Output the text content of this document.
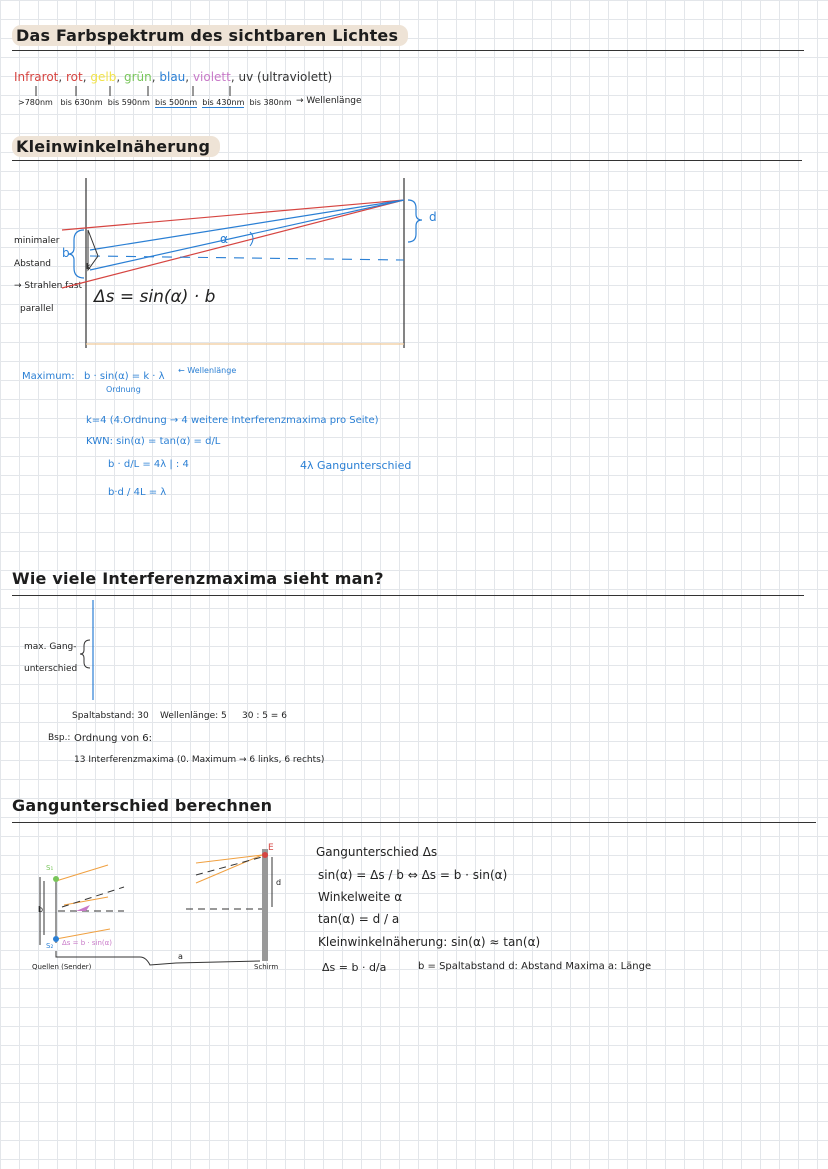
Das Farbspektrum des sichtbaren Lichtes
Infrarot, rot, gelb, grün, blau, violett, uv (ultraviolett)
>780nm bis 630nm bis 590nm bis 500nm bis 430nm bis 380nm → Wellenlänge
Kleinwinkelnäherung
minimaler
Abstand
→ Strahlen fast
parallel
b
d
α
k
Δs = sin(α) · b
Maximum: b · sin(α) = k · λ
← Wellenlänge
Ordnung
k=4 (4.Ordnung → 4 weitere Interferenzmaxima pro Seite)
KWN: sin(α) = tan(α) = d/L
b · d/L = 4λ | : 4	4λ Gangunterschied
b·d / 4L = λ
Wie viele Interferenzmaxima sieht man?
max. Gang-
unterschied
Spaltabstand: 30 Wellenlänge: 5 30 : 5 = 6
Bsp.: Ordnung von 6:
13 Interferenzmaxima (0. Maximum → 6 links, 6 rechts)
Gangunterschied berechnen
S₁
S₂
b
Δs = b · sin(α)
Quellen (Sender)
a
Schirm
E
d
Gangunterschied Δs
sin(α) = Δs / b ⇔ Δs = b · sin(α)
Winkelweite α
tan(α) = d / a
Kleinwinkelnäherung: sin(α) ≈ tan(α)
Δs = b · d/a	b = Spaltabstand d: Abstand Maxima a: Länge
